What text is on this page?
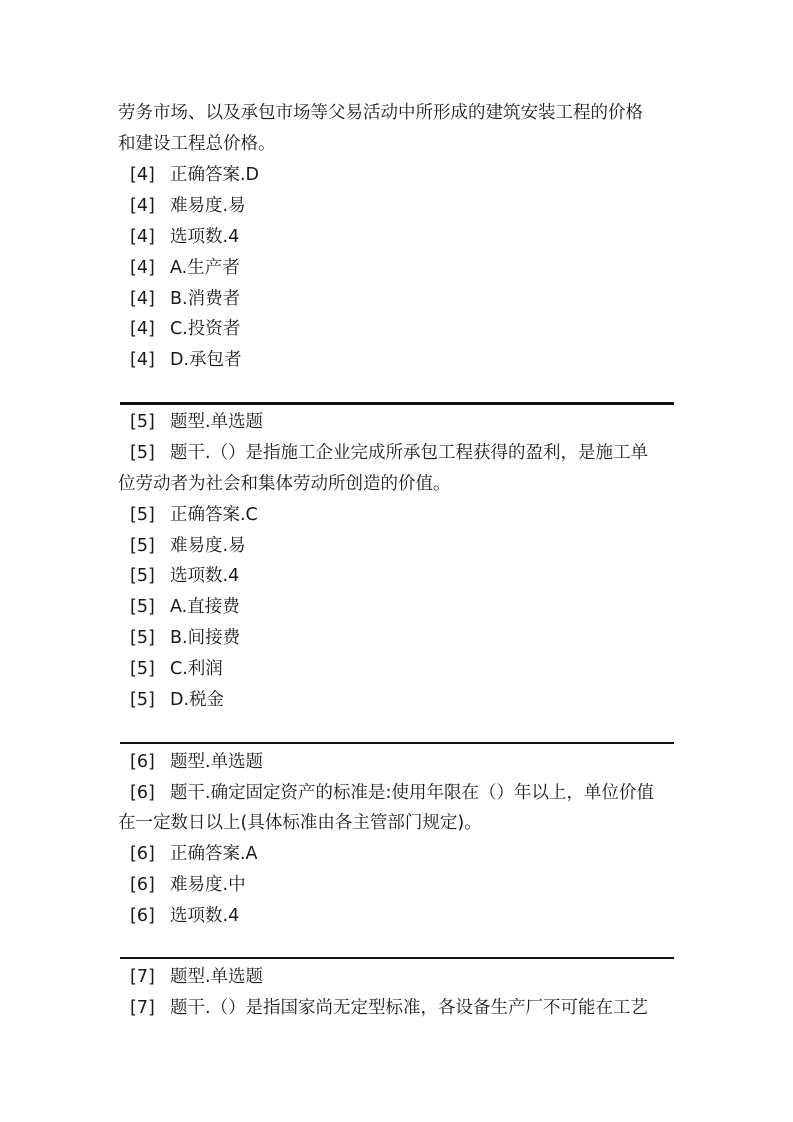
劳务市场、以及承包市场等父易活动中所形成的建筑安装工程的价格
和建设工程总价格。
[4] 正确答案.D
[4] 难易度.易
[4] 选项数.4
[4] A.生产者
[4] B.消费者
[4] C.投资者
[4] D.承包者
[5] 题型.单选题
[5] 题干.（）是指施工企业完成所承包工程获得的盈利，是施工单
位劳动者为社会和集体劳动所创造的价值。
[5] 正确答案.C
[5] 难易度.易
[5] 选项数.4
[5] A.直接费
[5] B.间接费
[5] C.利润
[5] D.税金
[6] 题型.单选题
[6] 题干.确定固定资产的标准是:使用年限在（）年以上，单位价值
在一定数日以上(具体标准由各主管部门规定)。
[6] 正确答案.A
[6] 难易度.中
[6] 选项数.4
[7] 题型.单选题
[7] 题干.（）是指国家尚无定型标准，各设备生产厂不可能在工艺
